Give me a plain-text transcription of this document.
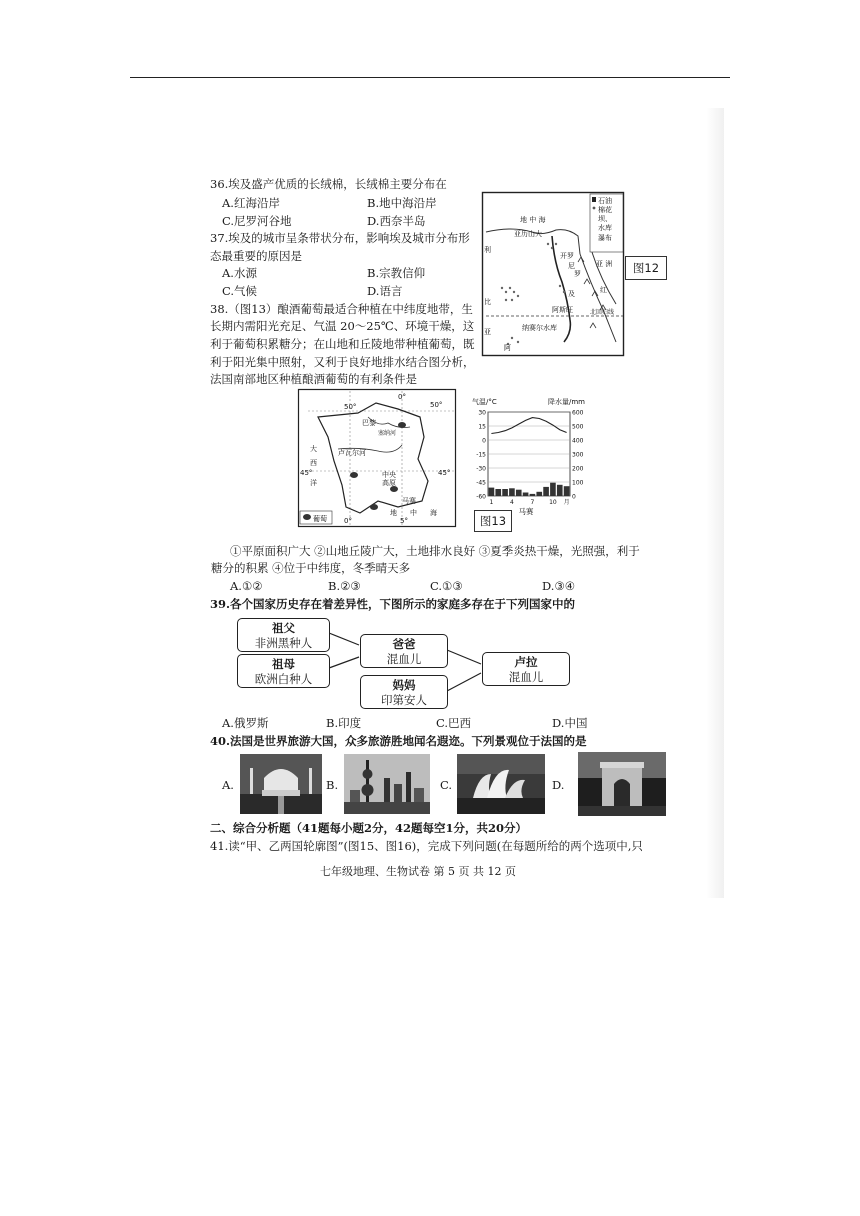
36.埃及盛产优质的长绒棉，长绒棉主要分布在
A.红海沿岸	B.地中海沿岸
C.尼罗河谷地	D.西奈半岛
37.埃及的城市呈条带状分布，影响埃及城市分布形
态最重要的原因是
A.水源	B.宗教信仰
C.气候	D.语言
38.（图13）酿酒葡萄最适合种植在中纬度地带，生
长期内需阳光充足、气温 20～25℃、环境干燥，这
利于葡萄积累糖分；在山地和丘陵地带种植葡萄，既
利于阳光集中照射，又利于良好地排水结合图分析，
法国南部地区种植酿酒葡萄的有利条件是
石油
棉花
坝、
水库
瀑布
地 中 海
亚历山大
开罗
尼
罗
及
阿斯旺
纳赛尔水库
利
比
亚
亚 洲
红
北回归线
阿
图12
50°
0°
50°
巴黎
塞纳河
卢瓦尔河
大
西
洋
45°	中央
高原
45°
马赛
地 中 海
0°	5°
葡萄
气温/°C	降水量/mm
30
15
0
-15
-30
-45
-60
600
500
400
300
200
100
0
1	4	7 10 月
马赛
图13
①平原面积广大 ②山地丘陵广大，土地排水良好 ③夏季炎热干燥，光照强，利于
糖分的积累 ④位于中纬度，冬季晴天多
A.①②	B.②③	C.①③	D.③④
39.各个国家历史存在着差异性，下图所示的家庭多存在于下列国家中的
祖父
非洲黑种人
祖母
欧洲白种人
爸爸
混血儿
妈妈
印第安人
卢拉
混血儿
A.俄罗斯	B.印度	C.巴西	D.中国
40.法国是世界旅游大国，众多旅游胜地闻名遐迩。下列景观位于法国的是
A.	B.	C.	D.
二、综合分析题（41题每小题2分，42题每空1分，共20分）
41.读“甲、乙两国轮廓图”(图15、图16)，完成下列问题(在每题所给的两个选项中,只
七年级地理、生物试卷 第 5 页 共 12 页
